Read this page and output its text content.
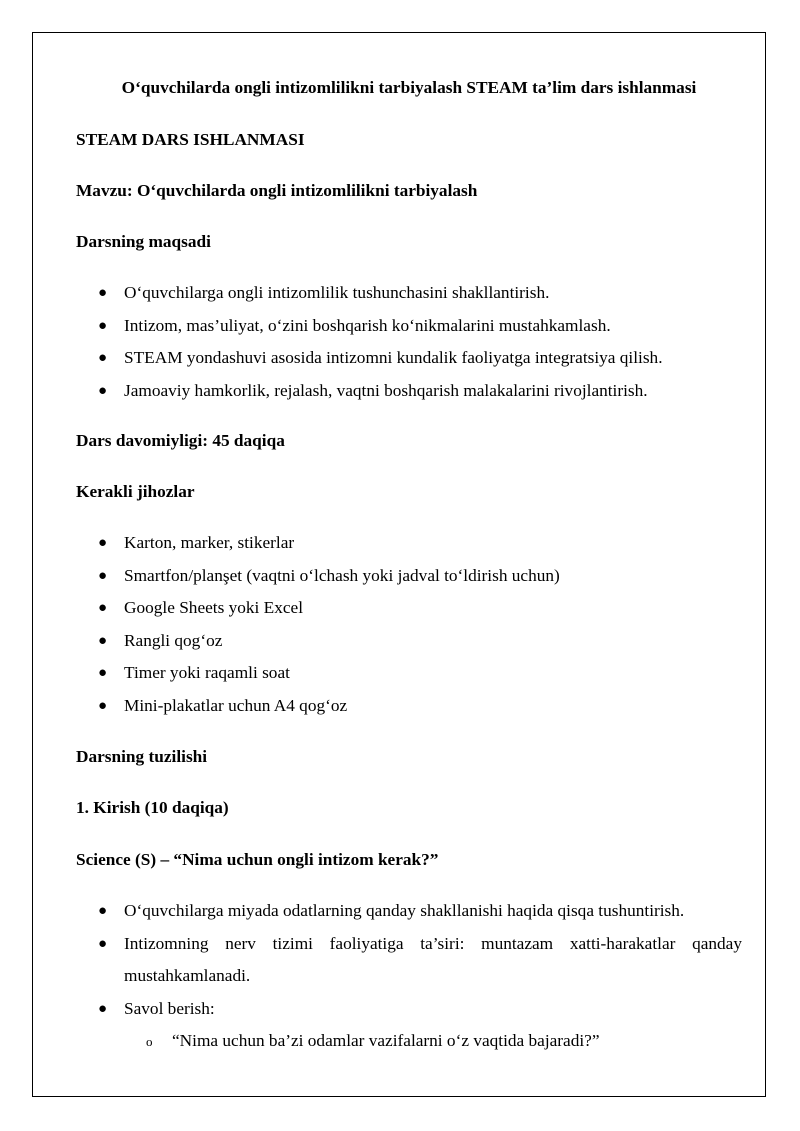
O‘quvchilarda ongli intizomlilikni tarbiyalash STEAM ta’lim dars ishlanmasi

STEAM DARS ISHLANMASI

Mavzu: O‘quvchilarda ongli intizomlilikni tarbiyalash

Darsning maqsadi

● O‘quvchilarga ongli intizomlilik tushunchasini shakllantirish.
● Intizom, mas’uliyat, o‘zini boshqarish ko‘nikmalarini mustahkamlash.
● STEAM yondashuvi asosida intizomni kundalik faoliyatga integratsiya qilish.
● Jamoaviy hamkorlik, rejalash, vaqtni boshqarish malakalarini rivojlantirish.

Dars davomiyligi: 45 daqiqa

Kerakli jihozlar

● Karton, marker, stikerlar
● Smartfon/planşet (vaqtni o‘lchash yoki jadval to‘ldirish uchun)
● Google Sheets yoki Excel
● Rangli qog‘oz
● Timer yoki raqamli soat
● Mini-plakatlar uchun A4 qog‘oz

Darsning tuzilishi

1. Kirish (10 daqiqa)

Science (S) – “Nima uchun ongli intizom kerak?”

● O‘quvchilarga miyada odatlarning qanday shakllanishi haqida qisqa tushuntirish.
● Intizomning nerv tizimi faoliyatiga ta’siri: muntazam xatti-harakatlar qanday mustahkamlanadi.
● Savol berish:
o “Nima uchun ba’zi odamlar vazifalarni o‘z vaqtida bajaradi?”
